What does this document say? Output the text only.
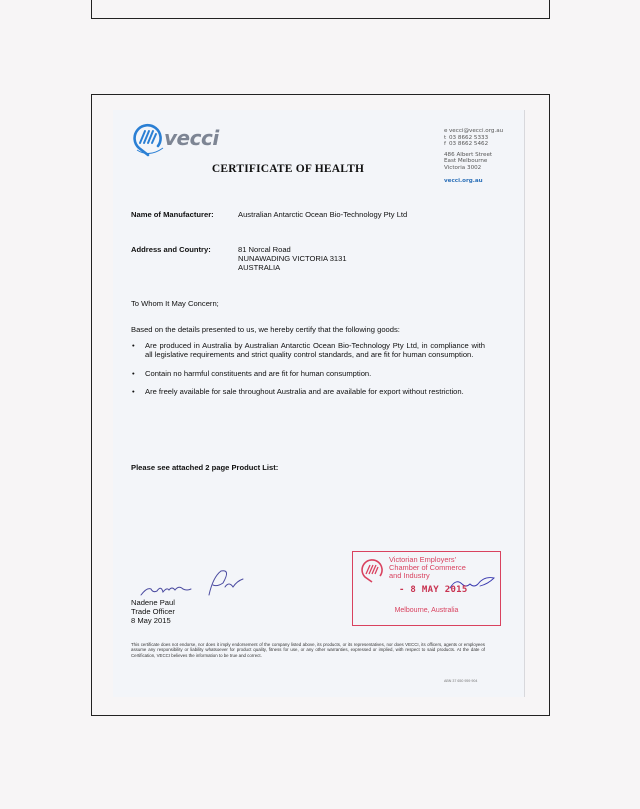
vecci	e vecci@vecci.org.au
t 03 8662 5333
f 03 8662 5462
486 Albert Street
East Melbourne
Victoria 3002
vecci.org.au
CERTIFICATE OF HEALTH
Name of Manufacturer:	Australian Antarctic Ocean Bio-Technology Pty Ltd
Address and Country:	81 Norcal Road
NUNAWADING VICTORIA 3131
AUSTRALIA
To Whom It May Concern;
Based on the details presented to us, we hereby certify that the following goods:
• Are produced in Australia by Australian Antarctic Ocean Bio-Technology Pty Ltd, in compliance with all legislative requirements and strict quality control standards, and are fit for human consumption.
• Contain no harmful constituents and are fit for human consumption.
• Are freely available for sale throughout Australia and are available for export without restriction.
Please see attached 2 page Product List:
Nadene Paul
Trade Officer
8 May 2015
Victorian Employers'
Chamber of Commerce
and Industry
- 8 MAY 2015
Melbourne, Australia
This certificate does not endorse, nor does it imply endorsement of the company listed above, its products, or its representatives, nor does VECCI, its officers, agents or employees assume any responsibility or liability whatsoever for product quality, fitness for use, or any other warranties, expressed or implied, with respect to said products. At the date of Certification, VECCI believes the information to be true and correct.
ABN 37 650 959 904
